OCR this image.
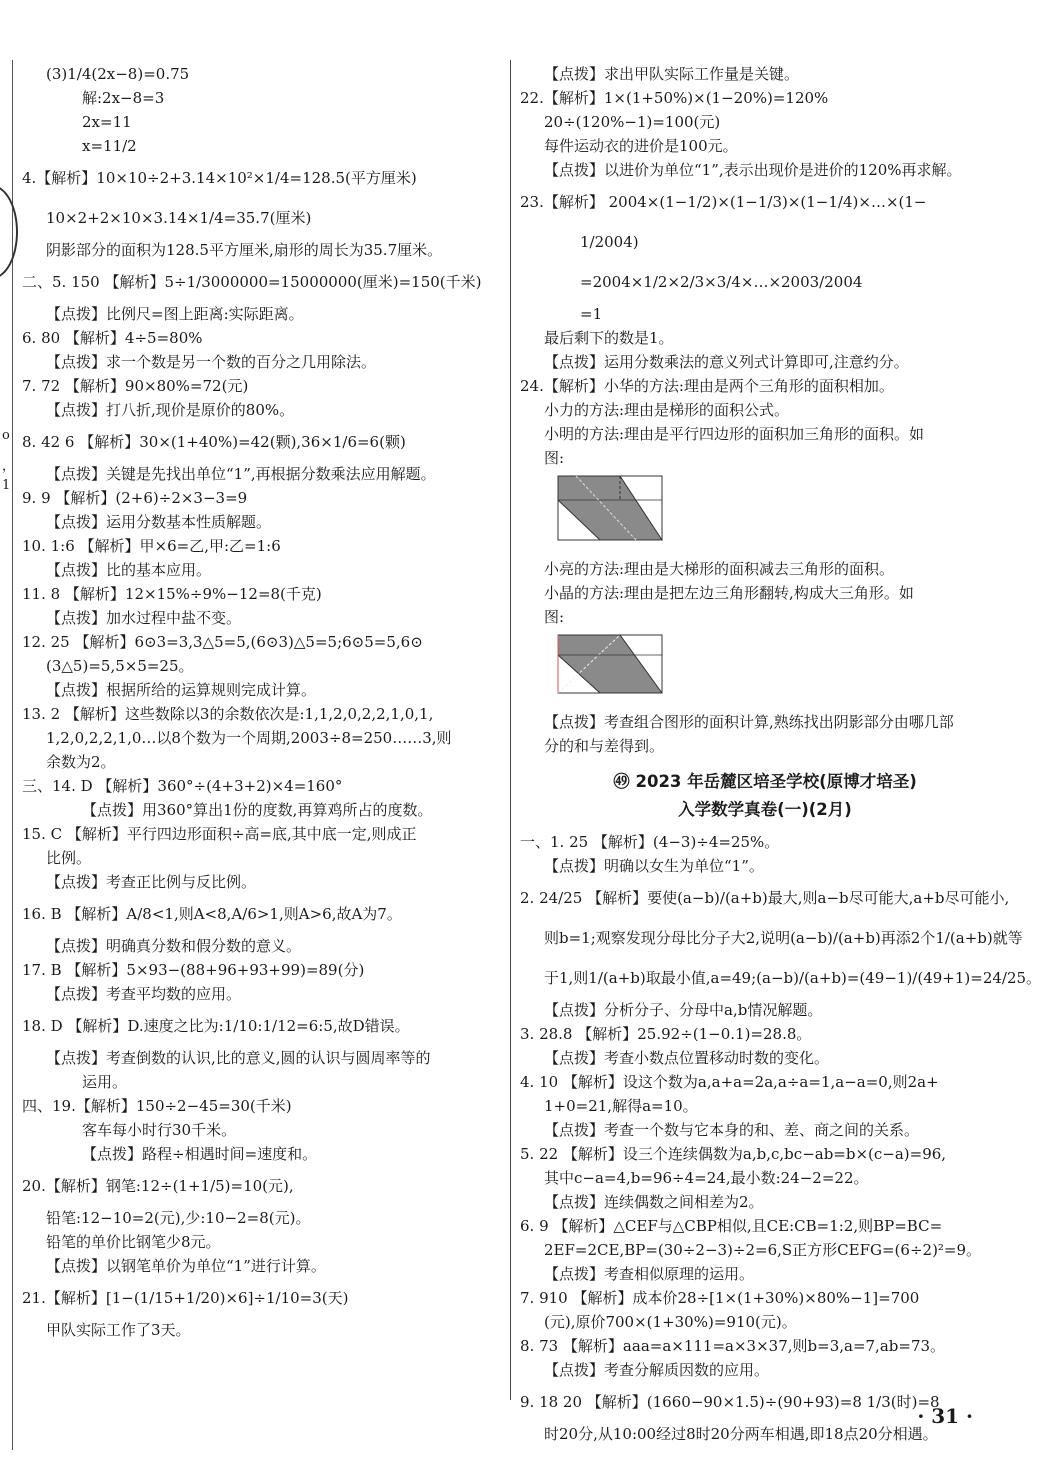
o
，
1
(3)1/4(2x−8)=0.75
解:2x−8=3
2x=11
x=11/2
4.【解析】10×10÷2+3.14×10²×1/4=128.5(平方厘米)
10×2+2×10×3.14×1/4=35.7(厘米)
阴影部分的面积为128.5平方厘米,扇形的周长为35.7厘米。
二、5. 150 【解析】5÷1/3000000=15000000(厘米)=150(千米)
【点拨】比例尺=图上距离:实际距离。
6. 80 【解析】4÷5=80%
【点拨】求一个数是另一个数的百分之几用除法。
7. 72 【解析】90×80%=72(元)
【点拨】打八折,现价是原价的80%。
8. 42 6 【解析】30×(1+40%)=42(颗),36×1/6=6(颗)
【点拨】关键是先找出单位“1”,再根据分数乘法应用解题。
9. 9 【解析】(2+6)÷2×3−3=9
【点拨】运用分数基本性质解题。
10. 1:6 【解析】甲×6=乙,甲:乙=1:6
【点拨】比的基本应用。
11. 8 【解析】12×15%÷9%−12=8(千克)
【点拨】加水过程中盐不变。
12. 25 【解析】6⊙3=3,3△5=5,(6⊙3)△5=5;6⊙5=5,6⊙
(3△5)=5,5×5=25。
【点拨】根据所给的运算规则完成计算。
13. 2 【解析】这些数除以3的余数依次是:1,1,2,0,2,2,1,0,1,
1,2,0,2,2,1,0…以8个数为一个周期,2003÷8=250……3,则
余数为2。
三、14. D 【解析】360°÷(4+3+2)×4=160°
【点拨】用360°算出1份的度数,再算鸡所占的度数。
15. C 【解析】平行四边形面积÷高=底,其中底一定,则成正
比例。
【点拨】考查正比例与反比例。
16. B 【解析】A/8<1,则A<8,A/6>1,则A>6,故A为7。
【点拨】明确真分数和假分数的意义。
17. B 【解析】5×93−(88+96+93+99)=89(分)
【点拨】考查平均数的应用。
18. D 【解析】D.速度之比为:1/10:1/12=6:5,故D错误。
【点拨】考查倒数的认识,比的意义,圆的认识与圆周率等的
运用。
四、19.【解析】150÷2−45=30(千米)
客车每小时行30千米。
【点拨】路程÷相遇时间=速度和。
20.【解析】钢笔:12÷(1+1/5)=10(元),
铅笔:12−10=2(元),少:10−2=8(元)。
铅笔的单价比钢笔少8元。
【点拨】以钢笔单价为单位“1”进行计算。
21.【解析】[1−(1/15+1/20)×6]÷1/10=3(天)
甲队实际工作了3天。
【点拨】求出甲队实际工作量是关键。
22.【解析】1×(1+50%)×(1−20%)=120%
20÷(120%−1)=100(元)
每件运动衣的进价是100元。
【点拨】以进价为单位“1”,表示出现价是进价的120%再求解。
23.【解析】 2004×(1−1/2)×(1−1/3)×(1−1/4)×…×(1−
1/2004)
=2004×1/2×2/3×3/4×…×2003/2004
=1
最后剩下的数是1。
【点拨】运用分数乘法的意义列式计算即可,注意约分。
24.【解析】小华的方法:理由是两个三角形的面积相加。
小力的方法:理由是梯形的面积公式。
小明的方法:理由是平行四边形的面积加三角形的面积。如
图:
小亮的方法:理由是大梯形的面积减去三角形的面积。
小晶的方法:理由是把左边三角形翻转,构成大三角形。如
图:
【点拨】考查组合图形的面积计算,熟练找出阴影部分由哪几部
分的和与差得到。
㊾ 2023 年岳麓区培圣学校(原博才培圣)
入学数学真卷(一)(2月)
一、1. 25 【解析】(4−3)÷4=25%。
【点拨】明确以女生为单位“1”。
2. 24/25 【解析】要使(a−b)/(a+b)最大,则a−b尽可能大,a+b尽可能小,
则b=1;观察发现分母比分子大2,说明(a−b)/(a+b)再添2个1/(a+b)就等
于1,则1/(a+b)取最小值,a=49;(a−b)/(a+b)=(49−1)/(49+1)=24/25。
【点拨】分析分子、分母中a,b情况解题。
3. 28.8 【解析】25.92÷(1−0.1)=28.8。
【点拨】考查小数点位置移动时数的变化。
4. 10 【解析】设这个数为a,a+a=2a,a÷a=1,a−a=0,则2a+
1+0=21,解得a=10。
【点拨】考查一个数与它本身的和、差、商之间的关系。
5. 22 【解析】设三个连续偶数为a,b,c,bc−ab=b×(c−a)=96,
其中c−a=4,b=96÷4=24,最小数:24−2=22。
【点拨】连续偶数之间相差为2。
6. 9 【解析】△CEF与△CBP相似,且CE:CB=1:2,则BP=BC=
2EF=2CE,BP=(30÷2−3)÷2=6,S正方形CEFG=(6÷2)²=9。
【点拨】考查相似原理的运用。
7. 910 【解析】成本价28÷[1×(1+30%)×80%−1]=700
(元),原价700×(1+30%)=910(元)。
8. 73 【解析】aaa=a×111=a×3×37,则b=3,a=7,ab=73。
【点拨】考查分解质因数的应用。
9. 18 20 【解析】(1660−90×1.5)÷(90+93)=8 1/3(时)=8
时20分,从10:00经过8时20分两车相遇,即18点20分相遇。
· 31 ·
